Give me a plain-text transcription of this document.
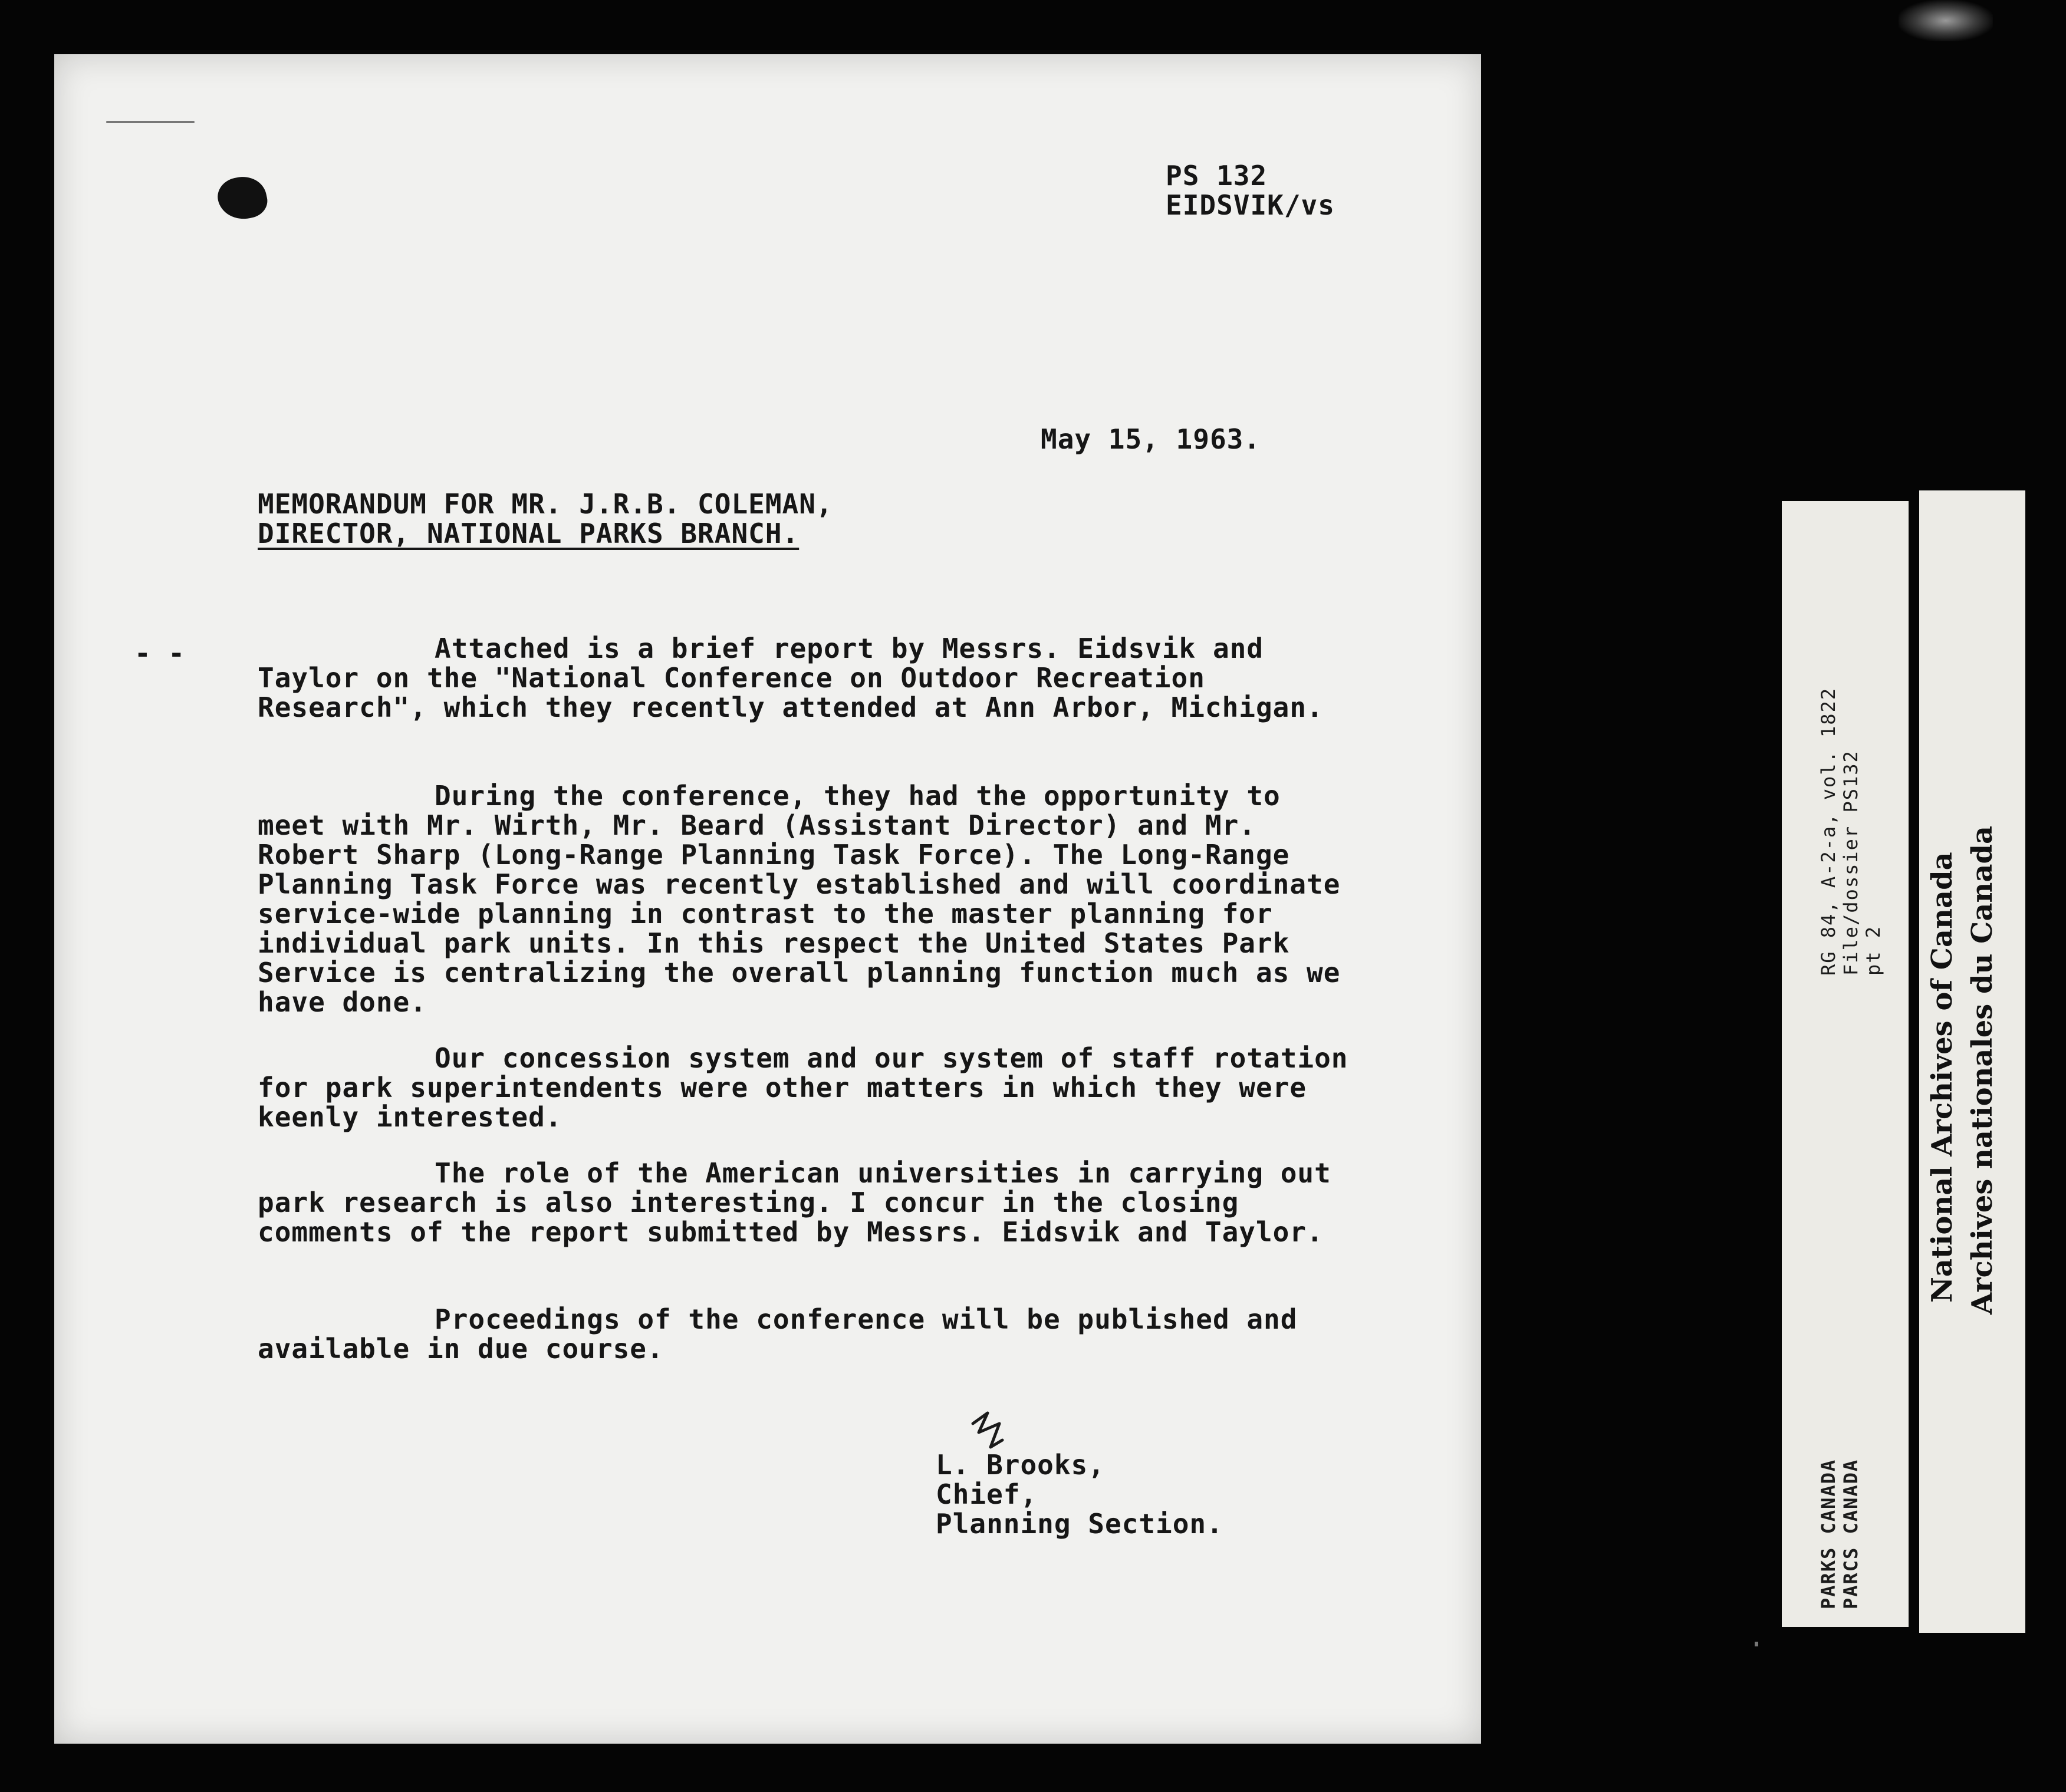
PS 132
EIDSVIK/vs
May 15, 1963.
MEMORANDUM FOR MR. J.R.B. COLEMAN,
DIRECTOR, NATIONAL PARKS BRANCH.
- -	Attached is a brief report by Messrs. Eidsvik and Taylor on the "National Conference on Outdoor Recreation Research", which they recently attended at Ann Arbor, Michigan.

During the conference, they had the opportunity to meet with Mr. Wirth, Mr. Beard (Assistant Director) and Mr. Robert Sharp (Long-Range Planning Task Force). The Long-Range Planning Task Force was recently established and will coordinate service-wide planning in contrast to the master planning for individual park units. In this respect the United States Park Service is centralizing the overall planning function much as we have done.

Our concession system and our system of staff rotation for park superintendents were other matters in which they were keenly interested.

The role of the American universities in carrying out park research is also interesting. I concur in the closing comments of the report submitted by Messrs. Eidsvik and Taylor.

Proceedings of the conference will be published and available in due course.

L. Brooks,
Chief,
Planning Section.
RG 84, A-2-a, vol. 1822 File/dossier PS132 pt 2
PARKS CANADA PARCS CANADA
National Archives of Canada Archives nationales du Canada
